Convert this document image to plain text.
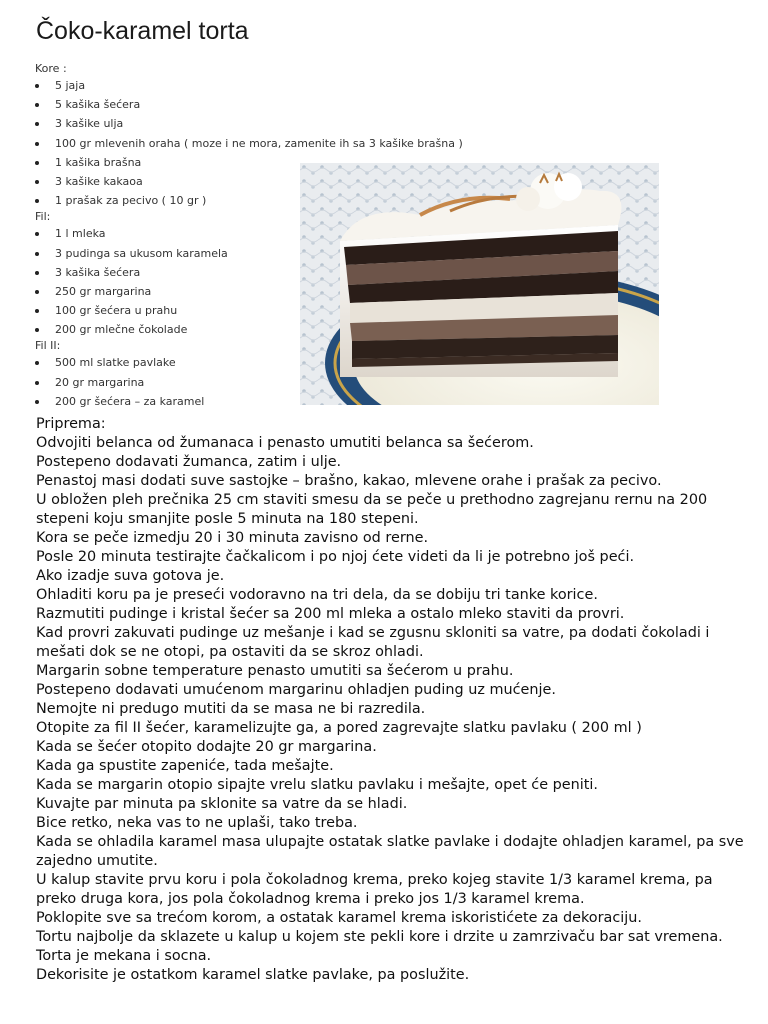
Čoko-karamel torta
Kore :
5 jaja
5 kašika šećera
3 kašike ulja
100 gr mlevenih oraha ( moze i ne mora, zamenite ih sa 3 kašike brašna )
1 kašika brašna
3 kašike kakaoa
1 prašak za pecivo ( 10 gr )
Fil:
1 l mleka
3 pudinga sa ukusom karamela
3 kašika šećera
250 gr margarina
100 gr šećera u prahu
200 gr mlečne čokolade
Fil II:
500 ml slatke pavlake
20 gr margarina
200 gr šećera – za karamel

Priprema:

Odvojiti belanca od žumanaca i penasto umutiti belanca sa šećerom.

Postepeno dodavati žumanca, zatim i ulje.

Penastoj masi dodati suve sastojke – brašno, kakao, mlevene orahe i prašak za pecivo.

U obložen pleh prečnika 25 cm staviti smesu da se peče u prethodno zagrejanu rernu na 200 stepeni koju smanjite posle 5 minuta na 180 stepeni.

Kora se peče izmedju 20 i 30 minuta zavisno od rerne.

Posle 20 minuta testirajte čačkalicom i po njoj ćete videti da li je potrebno još peći.

Ako izadje suva gotova je.

Ohladiti koru pa je preseći vodoravno na tri dela, da se dobiju tri tanke korice.

Razmutiti pudinge i kristal šećer sa 200 ml mleka a ostalo mleko staviti da provri.

Kad provri zakuvati pudinge uz mešanje i kad se zgusnu skloniti sa vatre, pa dodati čokoladi i mešati dok se ne otopi, pa ostaviti da se skroz ohladi.

Margarin sobne temperature penasto umutiti sa šećerom u prahu.

Postepeno dodavati umućenom margarinu ohladjen puding uz mućenje.

Nemojte ni predugo mutiti da se masa ne bi razredila.

Otopite za fil II šećer, karamelizujte ga, a pored zagrevajte slatku pavlaku ( 200 ml )

Kada se šećer otopito dodajte 20 gr margarina.

Kada ga spustite zapeniće, tada mešajte.

Kada se margarin otopio sipajte vrelu slatku pavlaku i mešajte, opet će peniti.

Kuvajte par minuta pa sklonite sa vatre da se hladi.

Bice retko, neka vas to ne uplaši, tako treba.

Kada se ohladila karamel masa ulupajte ostatak slatke pavlake i dodajte ohladjen karamel, pa sve zajedno umutite.

U kalup stavite prvu koru i pola čokoladnog krema, preko kojeg stavite 1/3 karamel krema, pa preko druga kora, jos pola čokoladnog krema i preko jos 1/3 karamel krema.

Poklopite sve sa trećom korom, a ostatak karamel krema iskoristićete za dekoraciju.

Tortu najbolje da sklazete u kalup u kojem ste pekli kore i drzite u zamrzivaču bar sat vremena.

Torta je mekana i socna.

Dekorisite je ostatkom karamel slatke pavlake, pa poslužite.
